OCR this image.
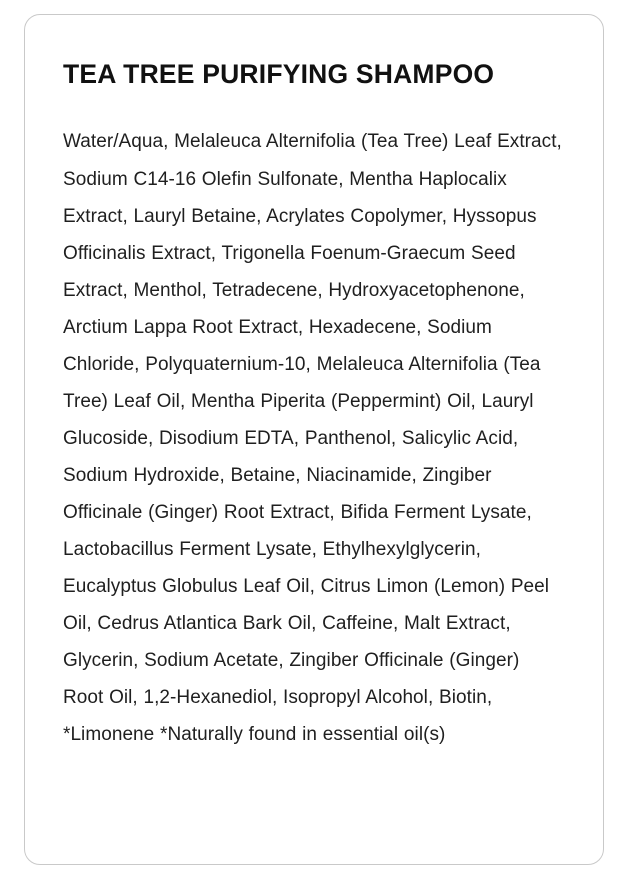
TEA TREE PURIFYING SHAMPOO

Water/Aqua, Melaleuca Alternifolia (Tea Tree) Leaf Extract, Sodium C14-16 Olefin Sulfonate, Mentha Haplocalix Extract, Lauryl Betaine, Acrylates Copolymer, Hyssopus Officinalis Extract, Trigonella Foenum-Graecum Seed Extract, Menthol, Tetradecene, Hydroxyacetophenone, Arctium Lappa Root Extract, Hexadecene, Sodium Chloride, Polyquaternium-10, Melaleuca Alternifolia (Tea Tree) Leaf Oil, Mentha Piperita (Peppermint) Oil, Lauryl Glucoside, Disodium EDTA, Panthenol, Salicylic Acid, Sodium Hydroxide, Betaine, Niacinamide, Zingiber Officinale (Ginger) Root Extract, Bifida Ferment Lysate, Lactobacillus Ferment Lysate, Ethylhexylglycerin, Eucalyptus Globulus Leaf Oil, Citrus Limon (Lemon) Peel Oil, Cedrus Atlantica Bark Oil, Caffeine, Malt Extract, Glycerin, Sodium Acetate, Zingiber Officinale (Ginger) Root Oil, 1,2-Hexanediol, Isopropyl Alcohol, Biotin, *Limonene *Naturally found in essential oil(s)
